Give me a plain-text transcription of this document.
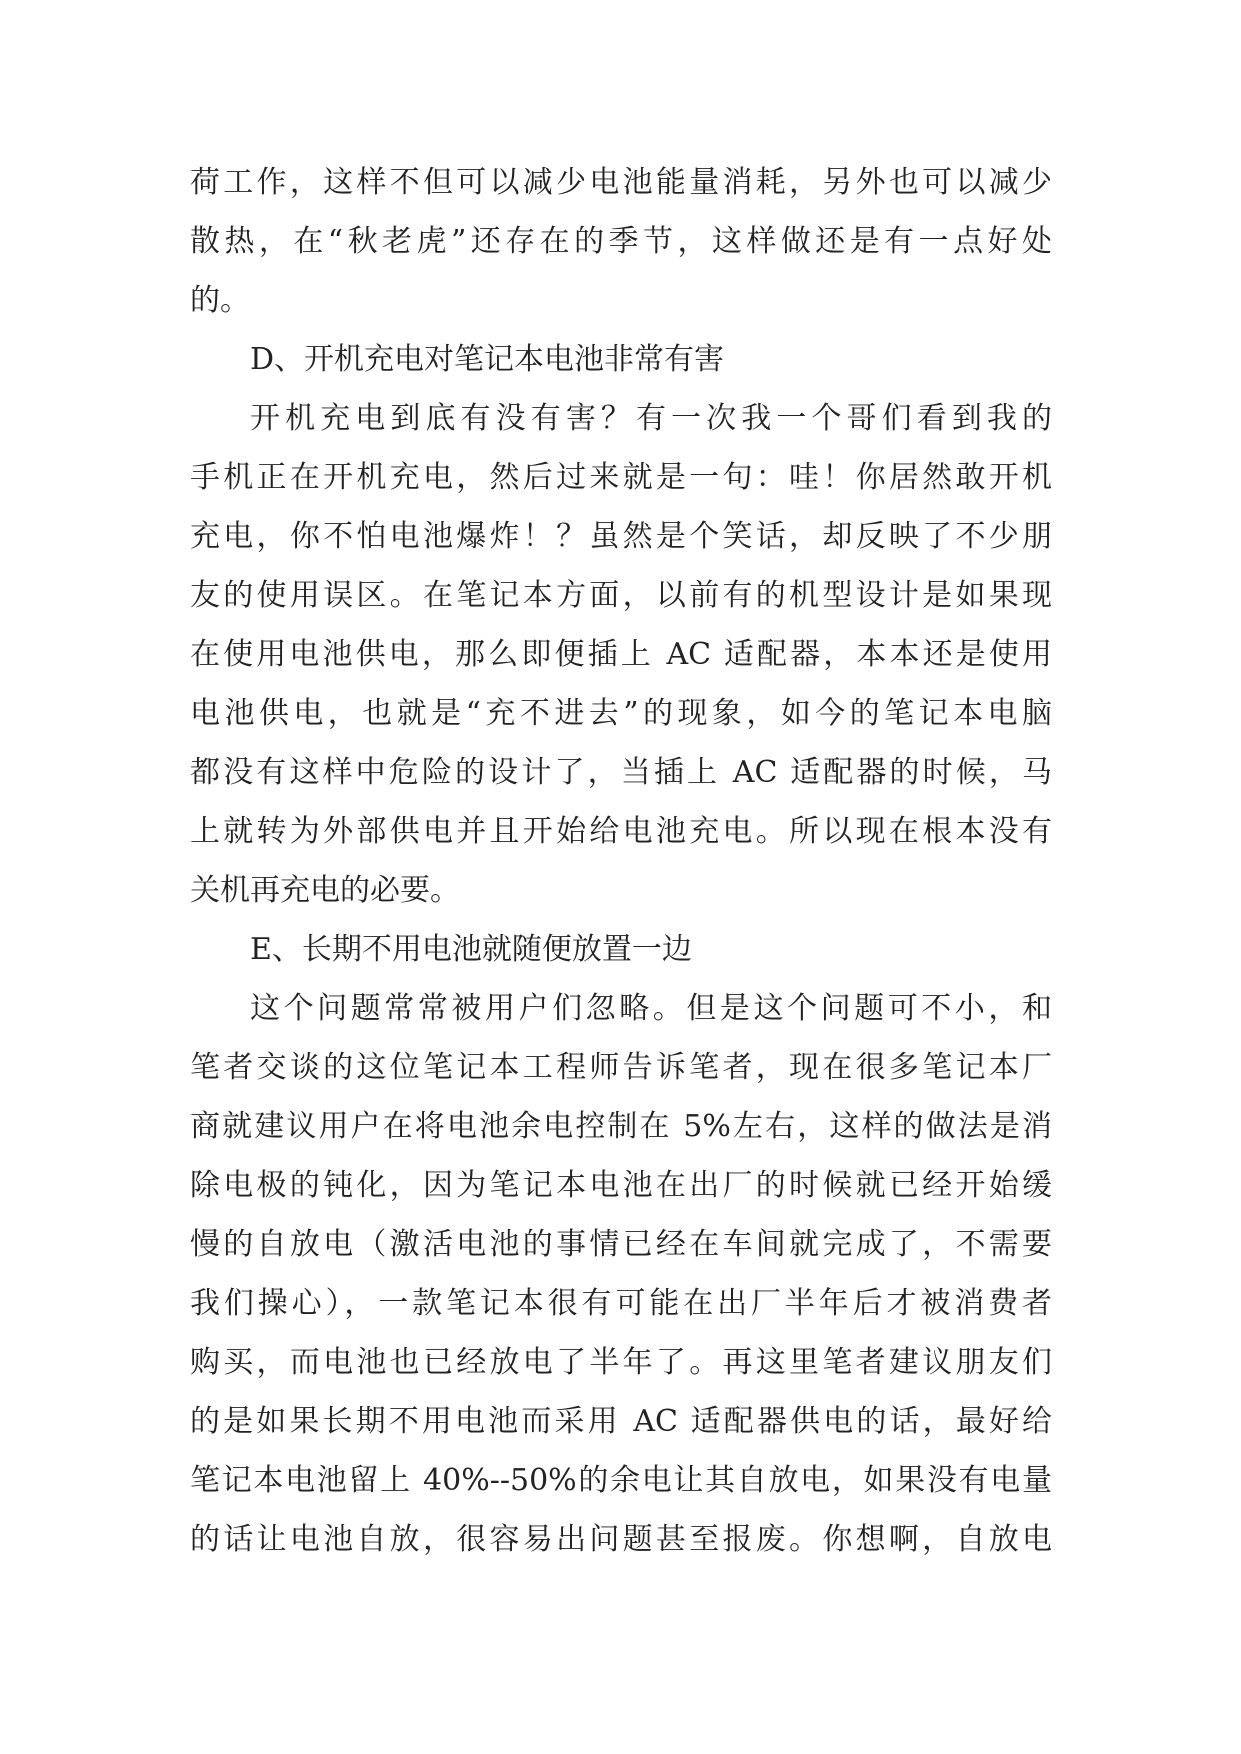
荷工作，这样不但可以减少电池能量消耗，另外也可以减少
散热，在“秋老虎”还存在的季节，这样做还是有一点好处
的。
D、开机充电对笔记本电池非常有害
开机充电到底有没有害？有一次我一个哥们看到我的
手机正在开机充电，然后过来就是一句：哇！你居然敢开机
充电，你不怕电池爆炸！？虽然是个笑话，却反映了不少朋
友的使用误区。在笔记本方面，以前有的机型设计是如果现
在使用电池供电，那么即便插上 AC 适配器，本本还是使用
电池供电，也就是“充不进去”的现象，如今的笔记本电脑
都没有这样中危险的设计了，当插上 AC 适配器的时候，马
上就转为外部供电并且开始给电池充电。所以现在根本没有
关机再充电的必要。
E、长期不用电池就随便放置一边
这个问题常常被用户们忽略。但是这个问题可不小，和
笔者交谈的这位笔记本工程师告诉笔者，现在很多笔记本厂
商就建议用户在将电池余电控制在 5%左右，这样的做法是消
除电极的钝化，因为笔记本电池在出厂的时候就已经开始缓
慢的自放电（激活电池的事情已经在车间就完成了，不需要
我们操心），一款笔记本很有可能在出厂半年后才被消费者
购买，而电池也已经放电了半年了。再这里笔者建议朋友们
的是如果长期不用电池而采用 AC 适配器供电的话，最好给
笔记本电池留上 40%--50%的余电让其自放电，如果没有电量
的话让电池自放，很容易出问题甚至报废。你想啊，自放电
